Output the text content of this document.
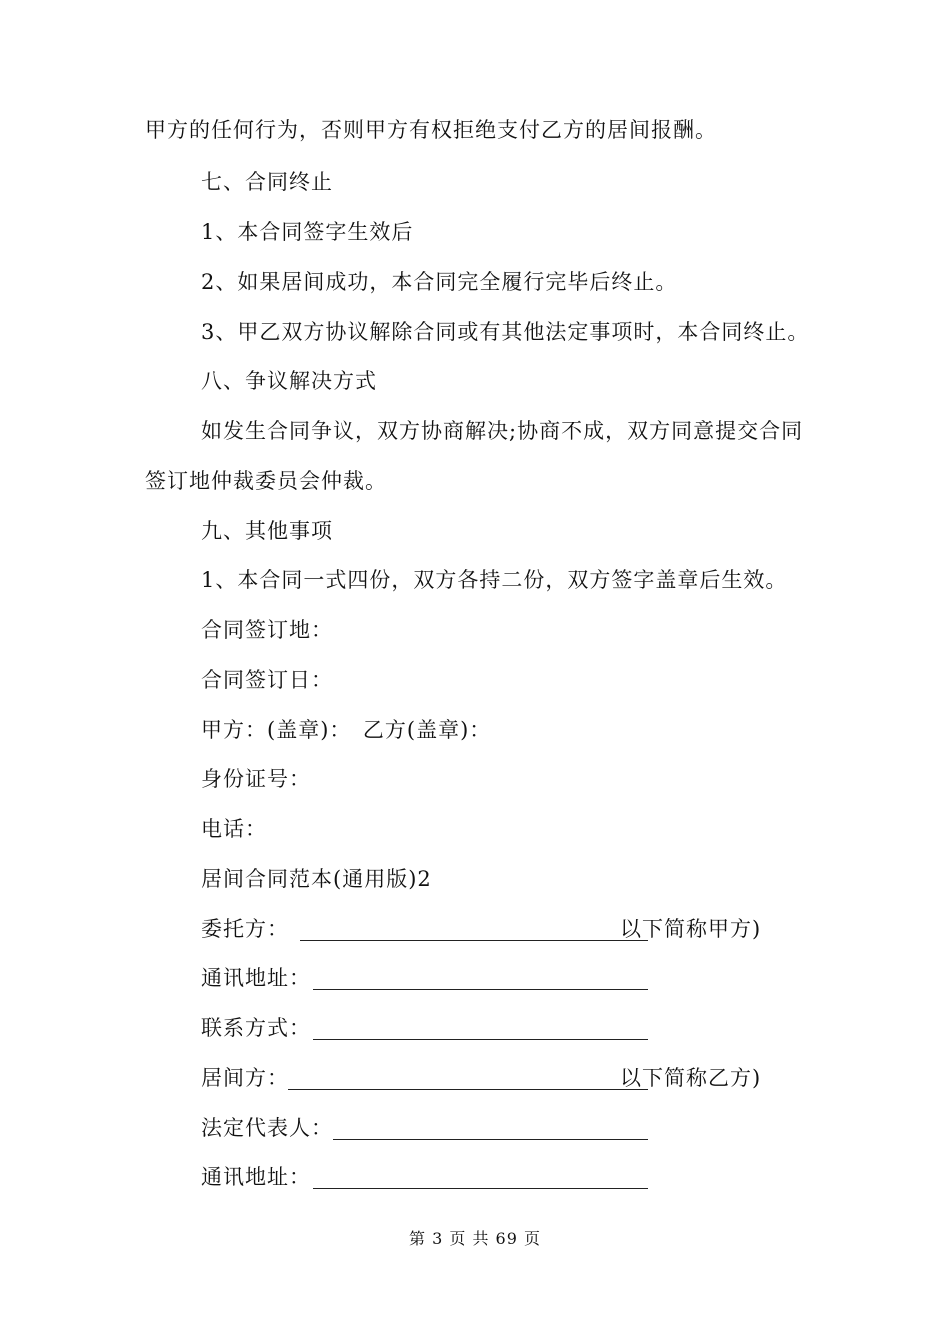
甲方的任何行为，否则甲方有权拒绝支付乙方的居间报酬。
七、合同终止
1、本合同签字生效后
2、如果居间成功，本合同完全履行完毕后终止。
3、甲乙双方协议解除合同或有其他法定事项时，本合同终止。
八、争议解决方式
如发生合同争议，双方协商解决;协商不成，双方同意提交合同
签订地仲裁委员会仲裁。
九、其他事项
1、本合同一式四份，双方各持二份，双方签字盖章后生效。
合同签订地：
合同签订日：
甲方：(盖章)：　乙方(盖章)：
身份证号：
电话：
居间合同范本(通用版)2
委托方：	以下简称甲方)
通讯地址：
联系方式：
居间方：	以下简称乙方)
法定代表人：
通讯地址：
第 3 页 共 69 页
